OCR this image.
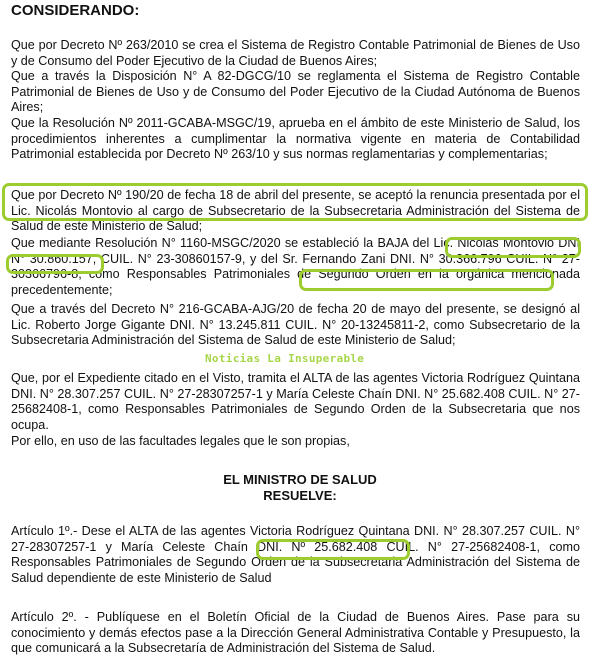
CONSIDERANDO:
Que por Decreto Nº 263/2010 se crea el Sistema de Registro Contable Patrimonial de Bienes de Uso y de Consumo del Poder Ejecutivo de la Ciudad de Buenos Aires;
Que a través la Disposición N° A 82-DGCG/10 se reglamenta el Sistema de Registro Contable Patrimonial de Bienes de Uso y de Consumo del Poder Ejecutivo de la Ciudad Autónoma de Buenos Aires;
Que la Resolución Nº 2011-GCABA-MSGC/19, aprueba en el ámbito de este Ministerio de Salud, los procedimientos inherentes a cumplimentar la normativa vigente en materia de Contabilidad Patrimonial establecida por Decreto Nº 263/10 y sus normas reglamentarias y complementarias;
Que por Decreto Nº 190/20 de fecha 18 de abril del presente, se aceptó la renuncia presentada por el Lic. Nicolás Montovio al cargo de Subsecretario de la Subsecretaria Administración del Sistema de Salud de este Ministerio de Salud;
Que mediante Resolución N° 1160-MSGC/2020 se estableció la BAJA del Lic. Nicolás Montovio DNI N° 30.860.157, CUIL. N° 23-30860157-9, y del Sr. Fernando Zani DNI. N° 30.366.796 CUIL. N° 27-30366796-8, como Responsables Patrimoniales de Segundo Orden en la orgánica mencionada precedentemente;
Que a través del Decreto N° 216-GCABA-AJG/20 de fecha 20 de mayo del presente, se designó al Lic. Roberto Jorge Gigante DNI. N° 13.245.811 CUIL. N° 20-13245811-2, como Subsecretario de la Subsecretaria Administración del Sistema de Salud de este Ministerio de Salud;
Que, por el Expediente citado en el Visto, tramita el ALTA de las agentes Victoria Rodríguez Quintana DNI. N° 28.307.257 CUIL. N° 27-28307257-1 y María Celeste Chaín DNI. N° 25.682.408 CUIL. N° 27-25682408-1, como Responsables Patrimoniales de Segundo Orden de la Subsecretaria que nos ocupa.
Por ello, en uso de las facultades legales que le son propias,
Noticias La Insuperable
EL MINISTRO DE SALUD
RESUELVE:
Artículo 1º.- Dese el ALTA de las agentes Victoria Rodríguez Quintana DNI. N° 28.307.257 CUIL. N° 27-28307257-1 y María Celeste Chaín DNI. Nº 25.682.408 CUIL. N° 27-25682408-1, como Responsables Patrimoniales de Segundo Orden de la Subsecretaria Administración del Sistema de Salud dependiente de este Ministerio de Salud
Artículo 2º. - Publíquese en el Boletín Oficial de la Ciudad de Buenos Aires. Pase para su conocimiento y demás efectos pase a la Dirección General Administrativa Contable y Presupuesto, la que comunicará a la Subsecretaría de Administración del Sistema de Salud.
